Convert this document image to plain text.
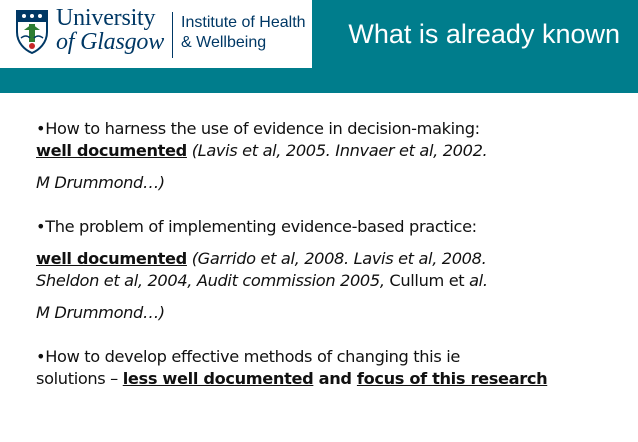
What is already known
University
of Glasgow
Institute of Health
& Wellbeing
•How to harness the use of evidence in decision-making:
well documented (Lavis et al, 2005. Innvaer et al, 2002.
M Drummond…)
•The problem of implementing evidence-based practice:
well documented (Garrido et al, 2008. Lavis et al, 2008.
Sheldon et al, 2004, Audit commission 2005, Cullum et al.
M Drummond…)
•How to develop effective methods of changing this ie
solutions – less well documented and focus of this research
